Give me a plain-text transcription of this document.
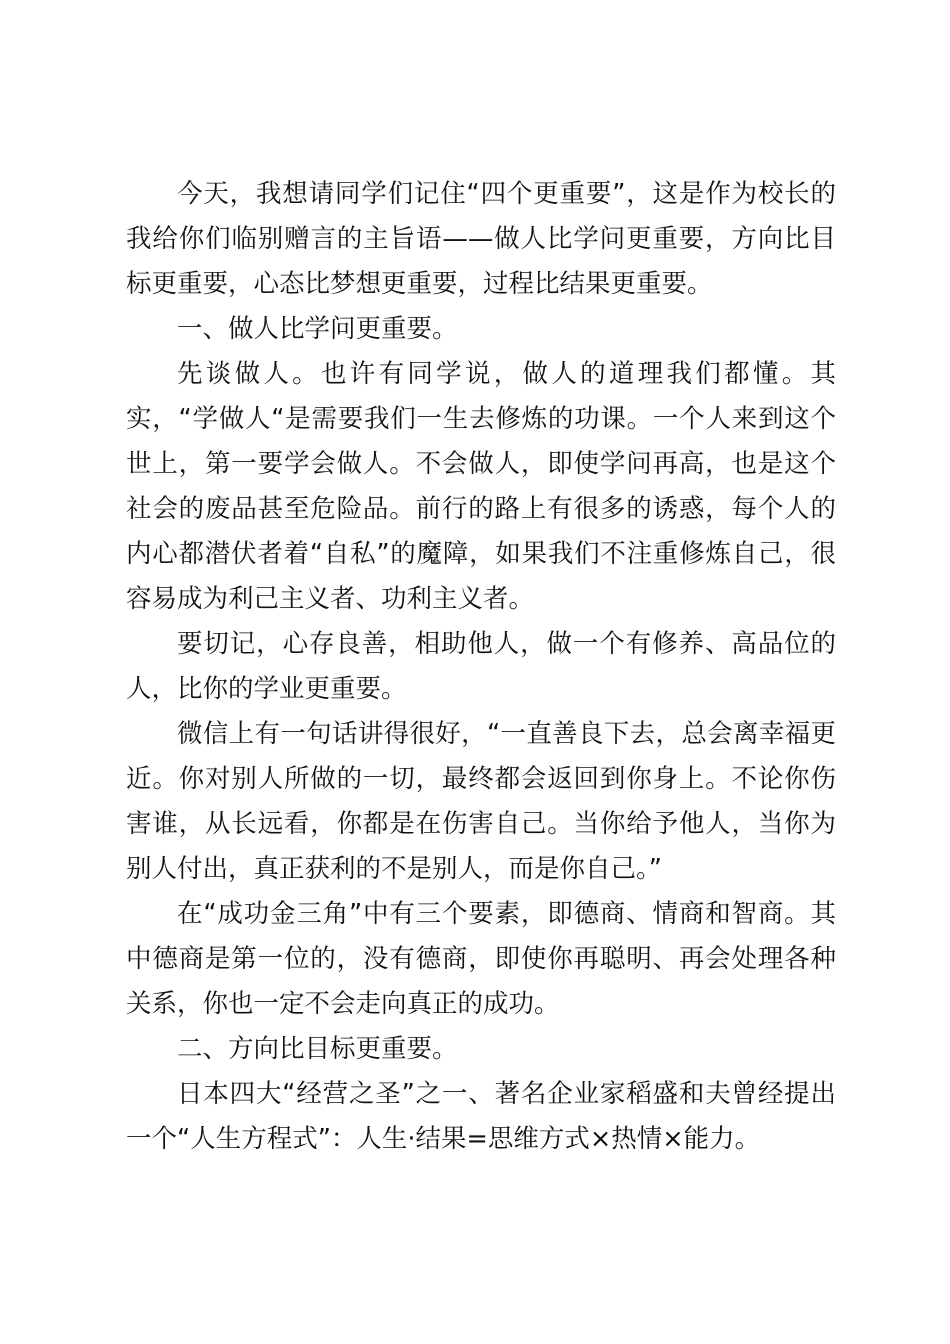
今天，我想请同学们记住“四个更重要”，这是作为校长的我给你们临别赠言的主旨语——做人比学问更重要，方向比目标更重要，心态比梦想更重要，过程比结果更重要。

一、做人比学问更重要。

先谈做人。也许有同学说，做人的道理我们都懂。其实，“学做人“是需要我们一生去修炼的功课。一个人来到这个世上，第一要学会做人。不会做人，即使学问再高，也是这个社会的废品甚至危险品。前行的路上有很多的诱惑，每个人的内心都潜伏者着“自私”的魔障，如果我们不注重修炼自己，很容易成为利己主义者、功利主义者。

要切记，心存良善，相助他人，做一个有修养、高品位的人，比你的学业更重要。

微信上有一句话讲得很好，“一直善良下去，总会离幸福更近。你对别人所做的一切，最终都会返回到你身上。不论你伤害谁，从长远看，你都是在伤害自己。当你给予他人，当你为别人付出，真正获利的不是别人，而是你自己。”

在“成功金三角”中有三个要素，即德商、情商和智商。其中德商是第一位的，没有德商，即使你再聪明、再会处理各种关系，你也一定不会走向真正的成功。

二、方向比目标更重要。

日本四大“经营之圣”之一、著名企业家稻盛和夫曾经提出一个“人生方程式”：人生·结果=思维方式×热情×能力。
